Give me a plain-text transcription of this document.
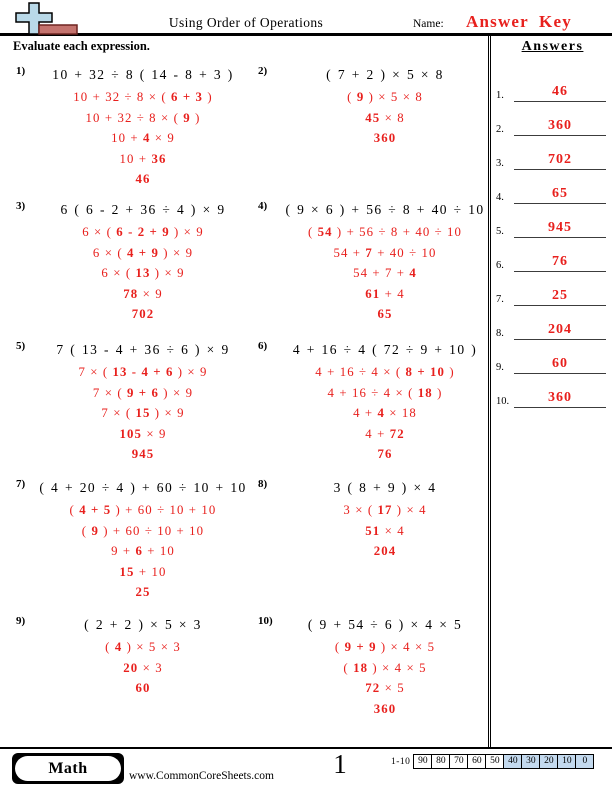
Using Order of Operations	Name: Answer Key
Evaluate each expression.
1) 10 + 32 ÷ 8 ( 14 - 8 + 3 )
10 + 32 ÷ 8 × ( 6 + 3 )
10 + 32 ÷ 8 × ( 9 )
10 + 4 × 9
10 + 36
46
2)	( 7 + 2 ) × 5 × 8
( 9 ) × 5 × 8
45 × 8
360
3)	6 ( 6 - 2 + 36 ÷ 4 ) × 9
6 × ( 6 - 2 + 9 ) × 9
6 × ( 4 + 9 ) × 9
6 × ( 13 ) × 9
78 × 9
702
4) ( 9 × 6 ) + 56 ÷ 8 + 40 ÷ 10
( 54 ) + 56 ÷ 8 + 40 ÷ 10
54 + 7 + 40 ÷ 10
54 + 7 + 4
61 + 4
65
5) 7 ( 13 - 4 + 36 ÷ 6 ) × 9
7 × ( 13 - 4 + 6 ) × 9
7 × ( 9 + 6 ) × 9
7 × ( 15 ) × 9
105 × 9
945
6) 4 + 16 ÷ 4 ( 72 ÷ 9 + 10 )
4 + 16 ÷ 4 × ( 8 + 10 )
4 + 16 ÷ 4 × ( 18 )
4 + 4 × 18
4 + 72
76
7) ( 4 + 20 ÷ 4 ) + 60 ÷ 10 + 10
( 4 + 5 ) + 60 ÷ 10 + 10
( 9 ) + 60 ÷ 10 + 10
9 + 6 + 10
15 + 10
25
8)	3 ( 8 + 9 ) × 4
3 × ( 17 ) × 4
51 × 4
204
9)	( 2 + 2 ) × 5 × 3
( 4 ) × 5 × 3
20 × 3
60
10)	( 9 + 54 ÷ 6 ) × 4 × 5
( 9 + 9 ) × 4 × 5
( 18 ) × 4 × 5
72 × 5
360
Answers
1.	46
2.	360
3.	702
4.	65
5.	945
6.	76
7.	25
8.	204
9.	60
10.	360
Math	www.CommonCoreSheets.com	1	1-10 90 80 70 60 50 40 30 20 10	0
